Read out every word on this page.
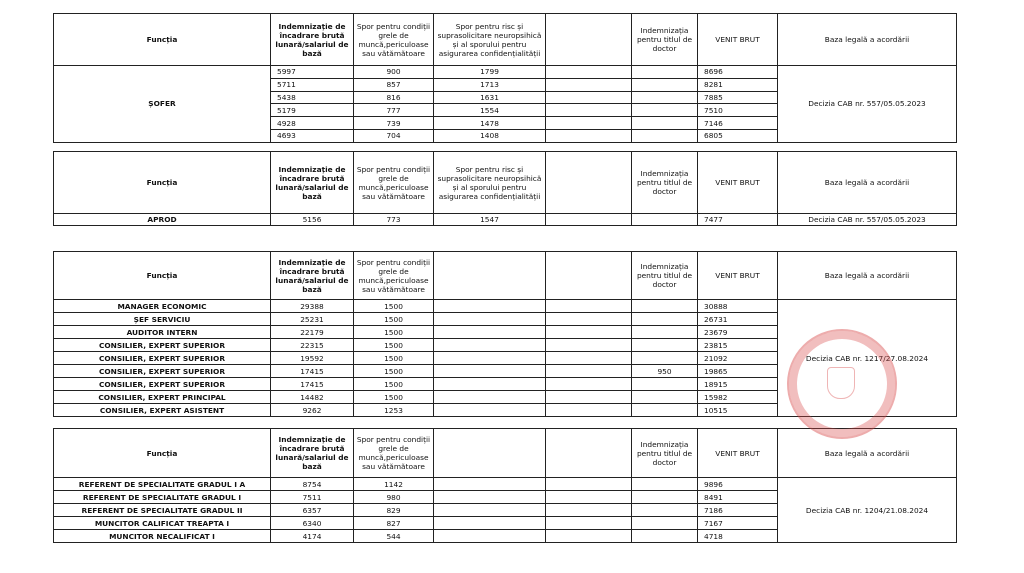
Funcția	Indemnizație de încadrare brută lunară/salariul de bază	Spor pentru condiții grele de muncă,periculoase sau vătămătoare	Spor pentru risc și suprasolicitare neuropsihică și al sporului pentru asigurarea confidențialității		Indemnizația pentru titlul de doctor	VENIT BRUT	Baza legală a acordării
ȘOFER	5997	900	1799			8696	Decizia CAB nr. 557/05.05.2023
	5711	857	1713			8281	
	5438	816	1631			7885	
	5179	777	1554			7510	
	4928	739	1478			7146	
	4693	704	1408			6805	
Funcția	Indemnizație de încadrare brută lunară/salariul de bază	Spor pentru condiții grele de muncă,periculoase sau vătămătoare	Spor pentru risc și suprasolicitare neuropsihică și al sporului pentru asigurarea confidențialității		Indemnizația pentru titlul de doctor	VENIT BRUT	Baza legală a acordării
APROD	5156	773	1547			7477	Decizia CAB nr. 557/05.05.2023
Funcția	Indemnizație de încadrare brută lunară/salariul de bază	Spor pentru condiții grele de muncă,periculoase sau vătămătoare			Indemnizația pentru titlul de doctor	VENIT BRUT	Baza legală a acordării
MANAGER ECONOMIC	29388	1500				30888	Decizia CAB nr. 1217/27.08.2024
ȘEF SERVICIU	25231	1500				26731	
AUDITOR INTERN	22179	1500				23679	
CONSILIER, EXPERT SUPERIOR	22315	1500				23815	
CONSILIER, EXPERT SUPERIOR	19592	1500				21092	
CONSILIER, EXPERT SUPERIOR	17415	1500			950	19865	
CONSILIER, EXPERT SUPERIOR	17415	1500				18915	
CONSILIER, EXPERT PRINCIPAL	14482	1500				15982	
CONSILIER, EXPERT ASISTENT	9262	1253				10515	
Funcția	Indemnizație de încadrare brută lunară/salariul de bază	Spor pentru condiții grele de muncă,periculoase sau vătămătoare			Indemnizația pentru titlul de doctor	VENIT BRUT	Baza legală a acordării
REFERENT DE SPECIALITATE GRADUL I A	8754	1142				9896	Decizia CAB nr. 1204/21.08.2024
REFERENT DE SPECIALITATE GRADUL I	7511	980				8491	
REFERENT DE SPECIALITATE GRADUL II	6357	829				7186	
MUNCITOR CALIFICAT TREAPTA I	6340	827				7167	
MUNCITOR NECALIFICAT I	4174	544				4718	
